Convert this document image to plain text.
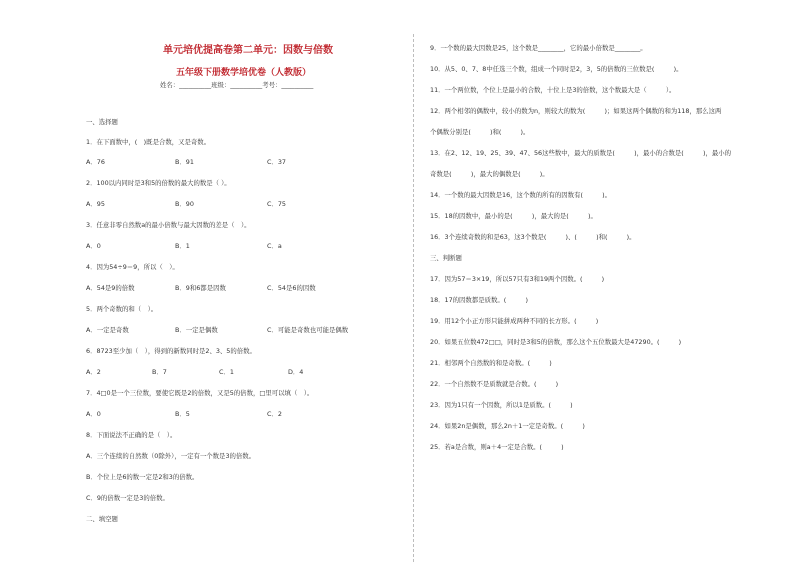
单元培优提高卷第二单元：因数与倍数
五年级下册数学培优卷（人教版）
姓名：__________班级：__________考号：__________
一、选择题
1．在下面数中，(　)既是合数，又是奇数。
A．76	B．91	C．37
2．100以内同时是3和5的倍数的最大的数是（ ）。
A．95	B．90	C．75
3．任意非零自然数a的最小倍数与最大因数的差是（　）。
A．0	B．1	C．a
4．因为54÷9＝9，所以（　）。
A．54是9的倍数	B．9和6都是因数	C．54是6的因数
5．两个奇数的和（　）。
A．一定是奇数	B．一定是偶数	C．可能是奇数也可能是偶数
6．8723至少加（　），得到的新数同时是2、3、5的倍数。
A．2	B．7	C．1	D．4
7．4□0是一个三位数，要使它既是2的倍数，又是5的倍数，□里可以填（　）。
A．0	B．5	C．2
8．下面说法不正确的是（　）。
A．三个连续的自然数（0除外），一定有一个数是3的倍数。
B．个位上是6的数一定是2和3的倍数。
C．9的倍数一定是3的倍数。
二、填空题
9．一个数的最大因数是25，这个数是________，它的最小倍数是________。
10．从5、0、7、8中任选三个数，组成一个同时是2，3，5的倍数的三位数是(　　　)。
11．一个两位数，个位上是最小的合数，十位上是3的倍数，这个数最大是（　　　）。
12．两个相邻的偶数中，较小的数为n，则较大的数为(　　　)；如果这两个偶数的和为118，那么这两
个偶数分别是(　　　)和(　　　)。
13．在2、12、19、25、39、47、56这些数中，最大的质数是(　　　)，最小的合数是(　　　)，最小的
奇数是(　　　)，最大的偶数是(　　　)。
14．一个数的最大因数是16，这个数的所有的因数有(　　　)。
15．18的因数中，最小的是(　　　)，最大的是(　　　)。
16．3个连续奇数的和是63，这3个数是(　　　)、(　　　)和(　　　)。
三、判断题
17．因为57＝3×19，所以57只有3和19两个因数。(　　　)
18．17的因数都是质数。(　　　)
19．用12个小正方形只能拼成两种不同的长方形。(　　　)
20．如果五位数472□□，同时是3和5的倍数，那么这个五位数最大是47290。(　　　)
21．相邻两个自然数的和是奇数。(　　　)
22．一个自然数不是质数就是合数。(　　　)
23．因为1只有一个因数，所以1是质数。(　　　)
24．如果2n是偶数，那么2n＋1一定是奇数。(　　　)
25．若a是合数，则a＋4一定是合数。(　　　)
